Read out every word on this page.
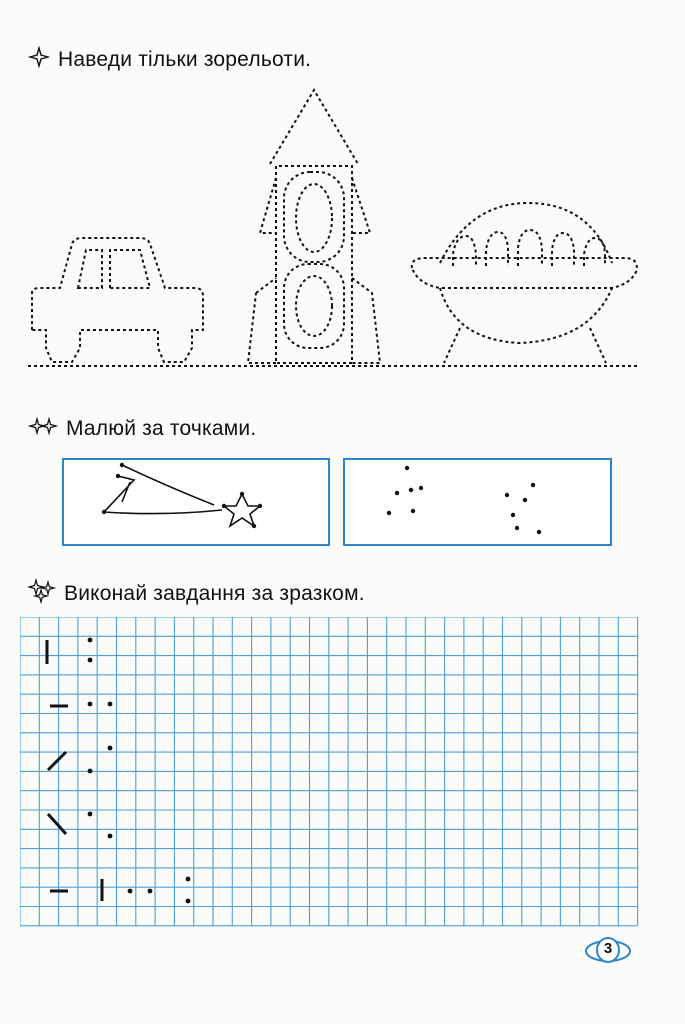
Наведи тільки зорельоти.
Малюй за точками.
Виконай завдання за зразком.
3
